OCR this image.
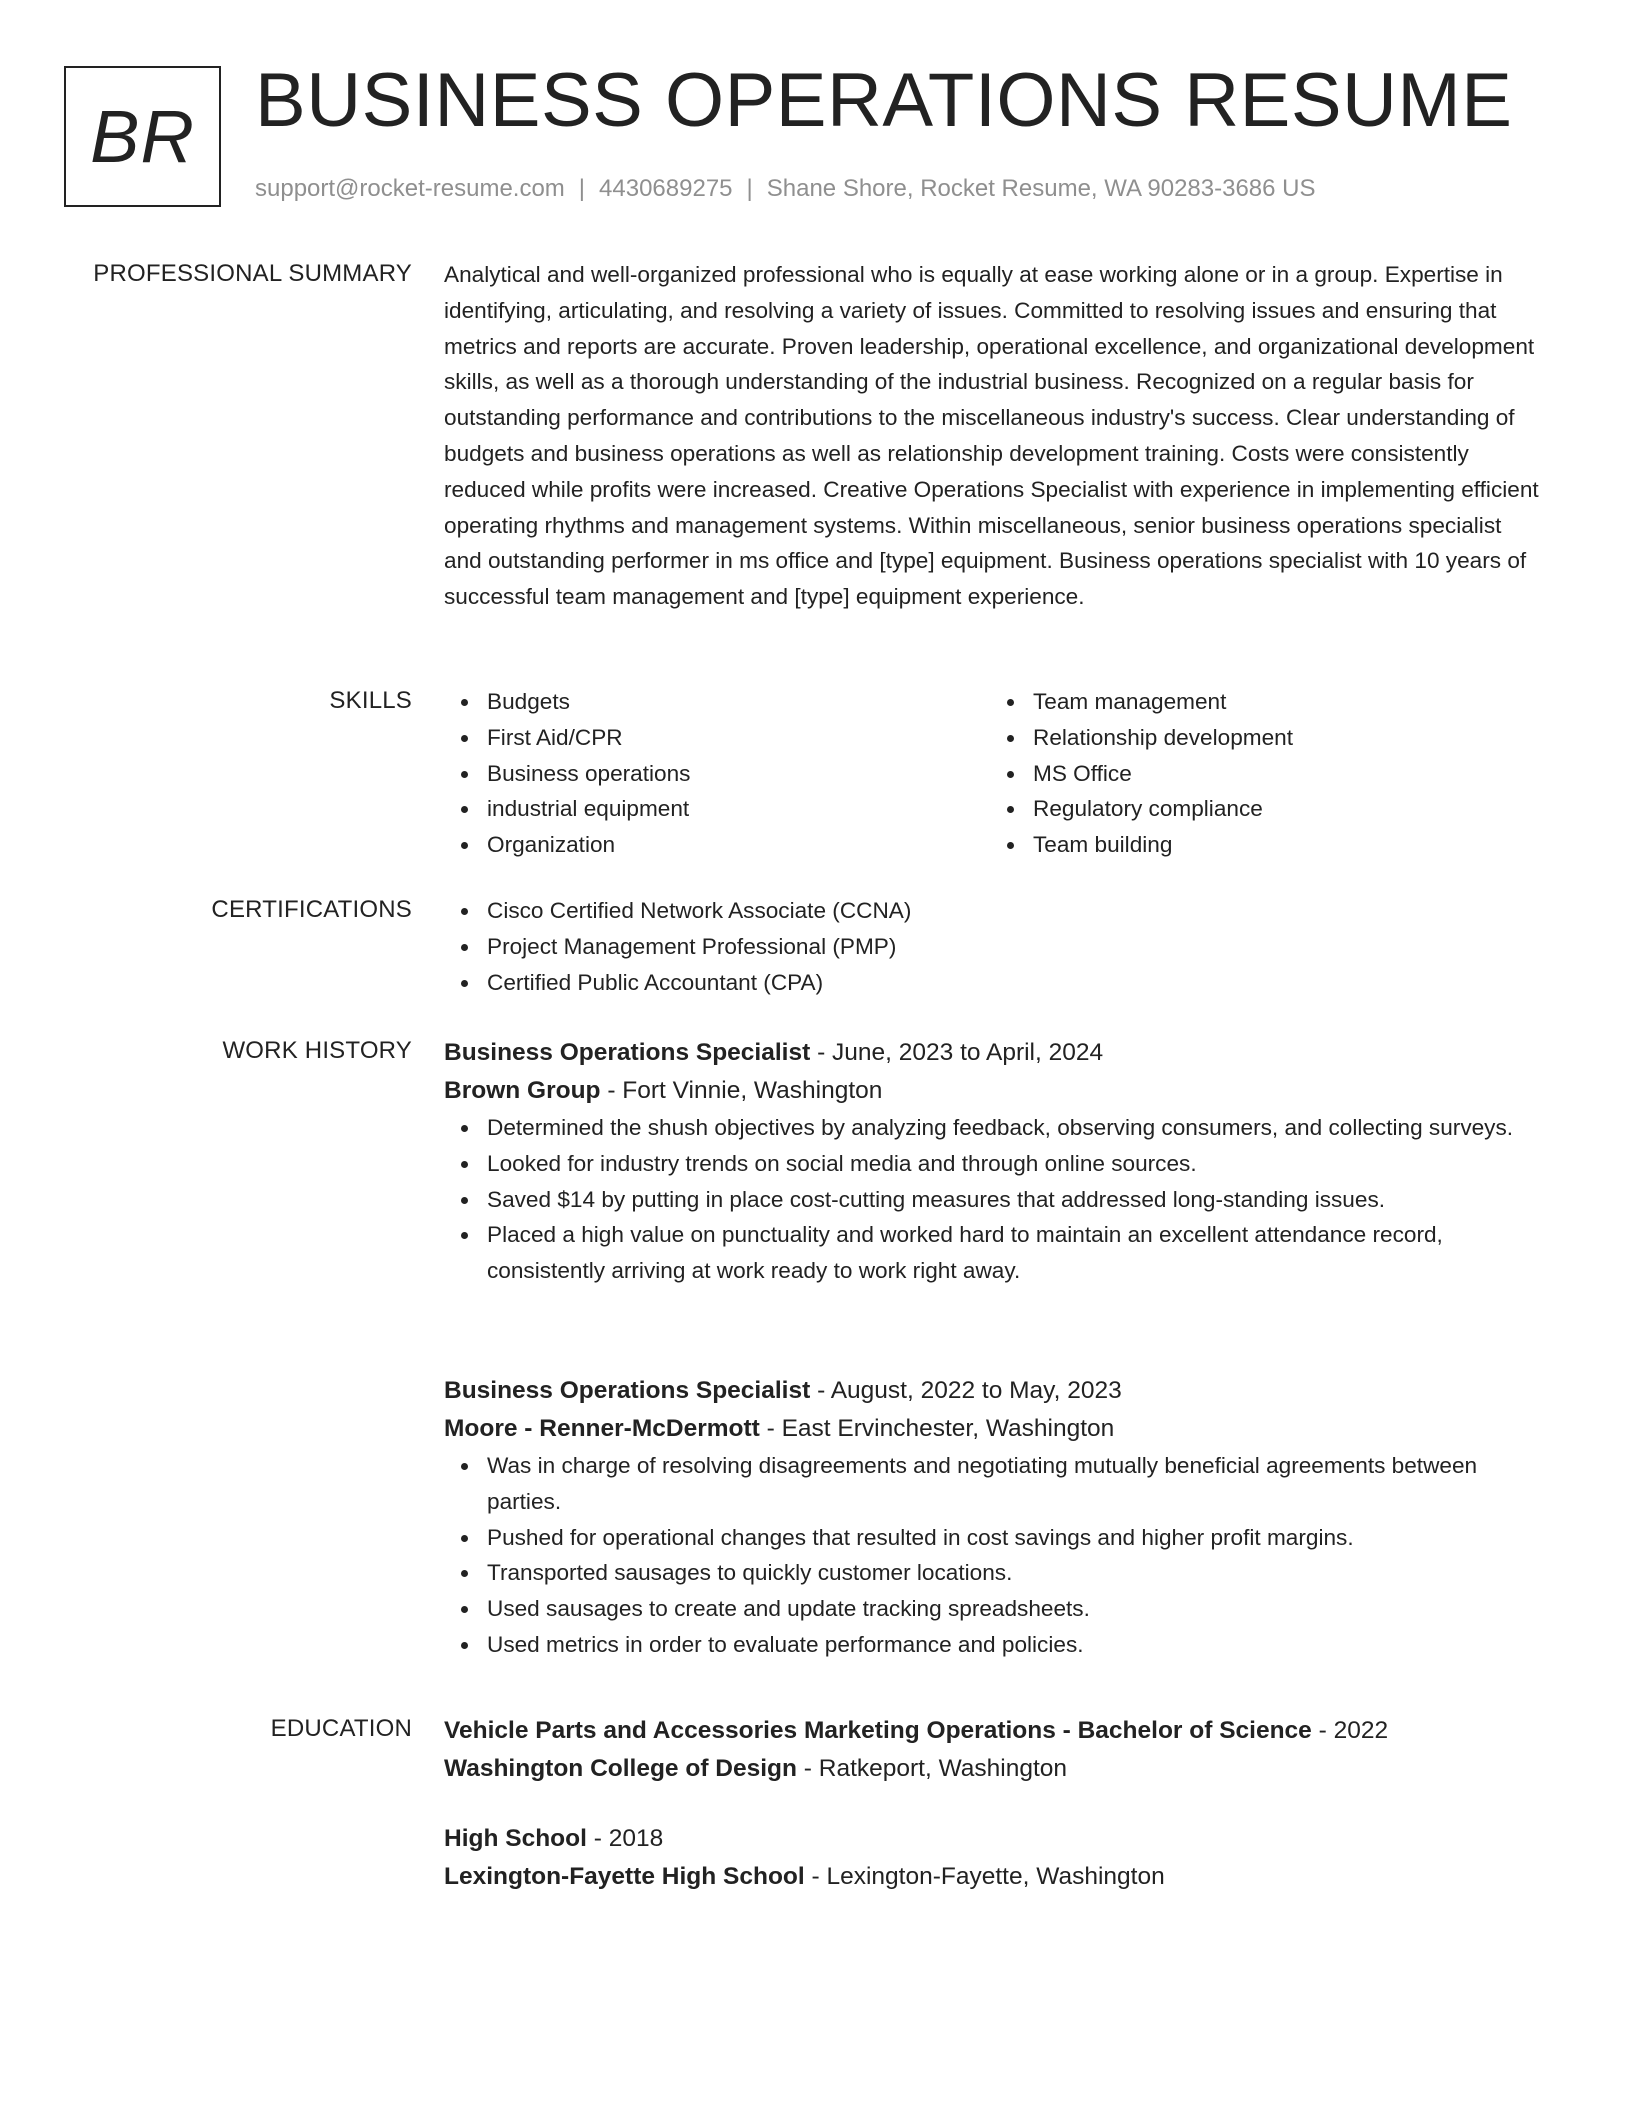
BR BUSINESS OPERATIONS RESUME
support@rocket-resume.com | 4430689275 | Shane Shore, Rocket Resume, WA 90283-3686 US
PROFESSIONAL SUMMARY Analytical and well-organized professional who is equally at ease working alone or in a group. Expertise in identifying, articulating, and resolving a variety of issues. Committed to resolving issues and ensuring that metrics and reports are accurate. Proven leadership, operational excellence, and organizational development skills, as well as a thorough understanding of the industrial business. Recognized on a regular basis for outstanding performance and contributions to the miscellaneous industry's success. Clear understanding of budgets and business operations as well as relationship development training. Costs were consistently reduced while profits were increased. Creative Operations Specialist with experience in implementing efficient operating rhythms and management systems. Within miscellaneous, senior business operations specialist and outstanding performer in ms office and [type] equipment. Business operations specialist with 10 years of successful team management and [type] equipment experience.

SKILLS	Budgets
First Aid/CPR
Business operations
industrial equipment
Organization
Team management
Relationship development
MS Office
Regulatory compliance
Team building
CERTIFICATIONS	Cisco Certified Network Associate (CCNA)
Project Management Professional (PMP)
Certified Public Accountant (CPA)
WORK HISTORY Business Operations Specialist - June, 2023 to April, 2024
Brown Group - Fort Vinnie, Washington
Determined the shush objectives by analyzing feedback, observing consumers, and collecting surveys.
Looked for industry trends on social media and through online sources.
Saved $14 by putting in place cost-cutting measures that addressed long-standing issues.
Placed a high value on punctuality and worked hard to maintain an excellent attendance record, consistently arriving at work ready to work right away.
Business Operations Specialist - August, 2022 to May, 2023
Moore - Renner-McDermott - East Ervinchester, Washington
Was in charge of resolving disagreements and negotiating mutually beneficial agreements between parties.
Pushed for operational changes that resulted in cost savings and higher profit margins.
Transported sausages to quickly customer locations.
Used sausages to create and update tracking spreadsheets.
Used metrics in order to evaluate performance and policies.
EDUCATION Vehicle Parts and Accessories Marketing Operations - Bachelor of Science - 2022
Washington College of Design - Ratkeport, Washington
High School - 2018
Lexington-Fayette High School - Lexington-Fayette, Washington
